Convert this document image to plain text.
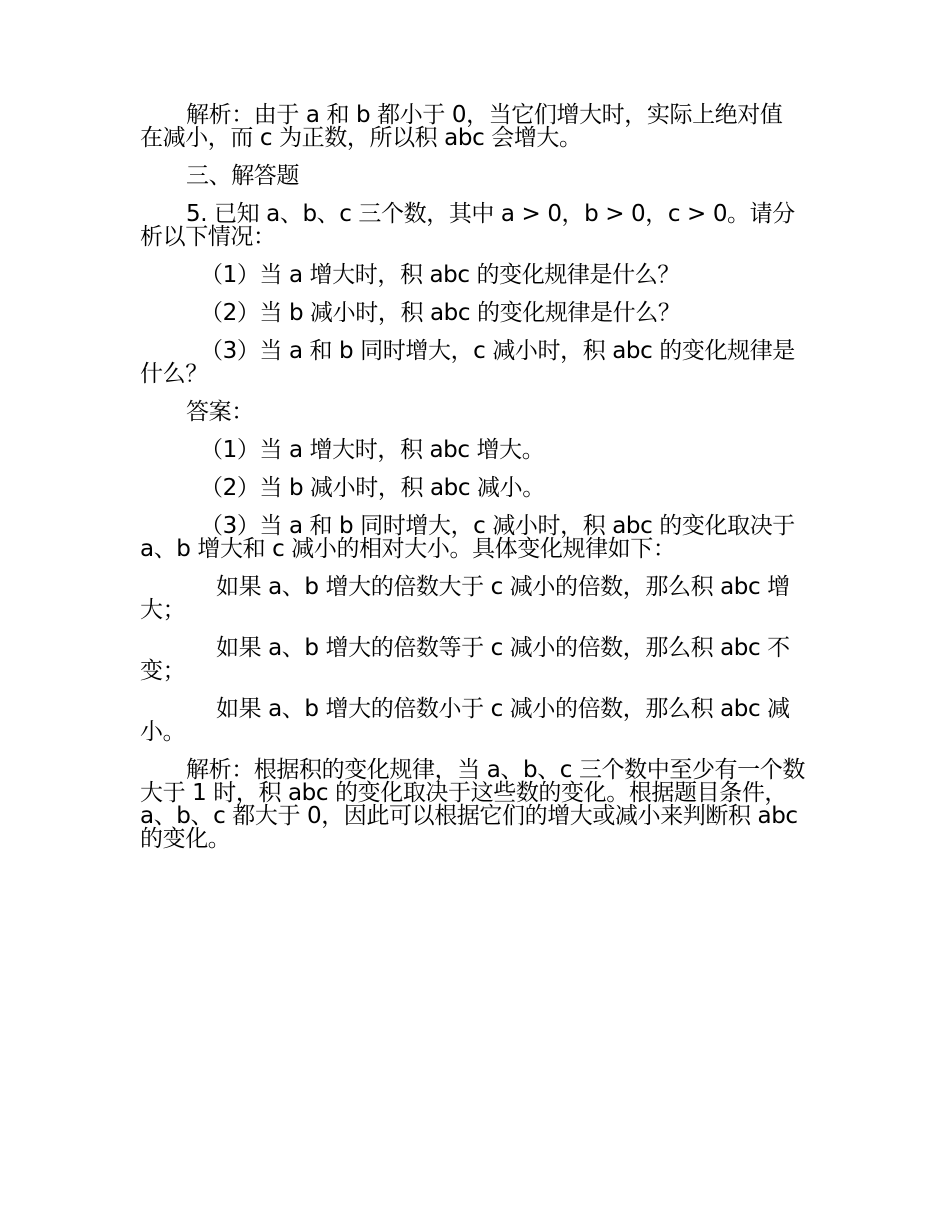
解析：由于 a 和 b 都小于 0，当它们增大时，实际上绝对值在减小，而 c 为正数，所以积 abc 会增大。

三、解答题

5. 已知 a、b、c 三个数，其中 a > 0，b > 0，c > 0。请分析以下情况：

（1）当 a 增大时，积 abc 的变化规律是什么？

（2）当 b 减小时，积 abc 的变化规律是什么？

（3）当 a 和 b 同时增大，c 减小时，积 abc 的变化规律是什么？

答案：

（1）当 a 增大时，积 abc 增大。

（2）当 b 减小时，积 abc 减小。

（3）当 a 和 b 同时增大，c 减小时，积 abc 的变化取决于 a、b 增大和 c 减小的相对大小。具体变化规律如下：

如果 a、b 增大的倍数大于 c 减小的倍数，那么积 abc 增大；

如果 a、b 增大的倍数等于 c 减小的倍数，那么积 abc 不变；

如果 a、b 增大的倍数小于 c 减小的倍数，那么积 abc 减小。

解析：根据积的变化规律，当 a、b、c 三个数中至少有一个数大于 1 时，积 abc 的变化取决于这些数的变化。根据题目条件，a、b、c 都大于 0，因此可以根据它们的增大或减小来判断积 abc 的变化。
